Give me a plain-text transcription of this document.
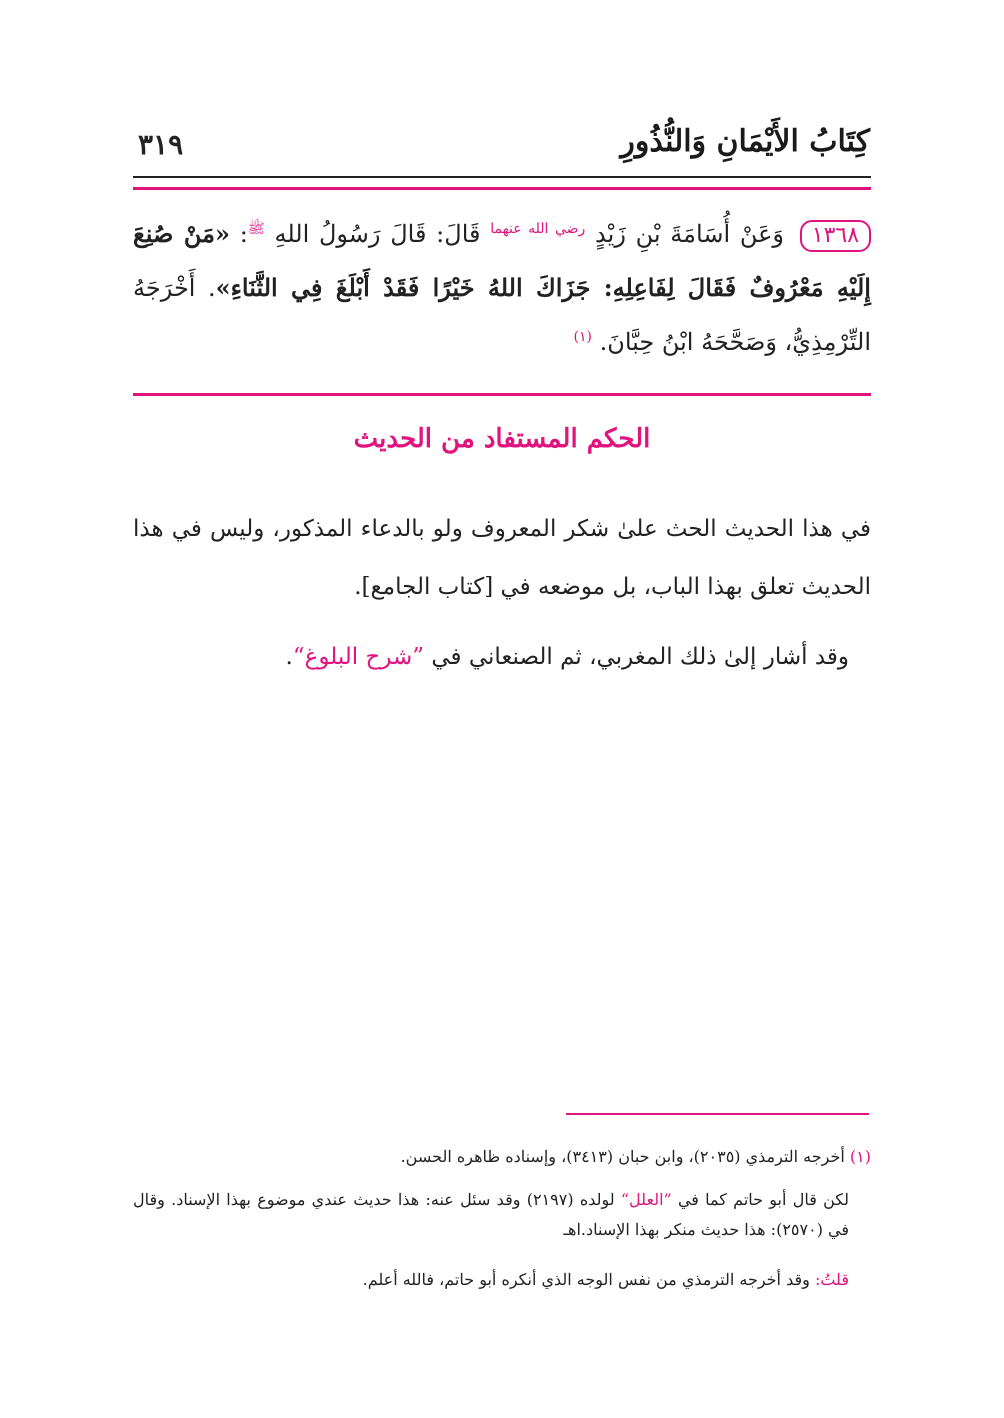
٣١٩	كِتَابُ الأَيْمَانِ وَالنُّذُورِ
١٣٦٨ وَعَنْ أُسَامَةَ بْنِ زَيْدٍ $^{رضي الله عنهما}$ قَالَ: قَالَ رَسُولُ اللهِ $^ﷺ$: «مَنْ صُنِعَ إِلَيْهِ مَعْرُوفٌ فَقَالَ لِفَاعِلِهِ: جَزَاكَ اللهُ خَيْرًا فَقَدْ أَبْلَغَ فِي الثَّنَاءِ». أَخْرَجَهُ التِّرْمِذِيُّ، وَصَحَّحَهُ ابْنُ حِبَّانَ. $^{(١)}$
الحكم المستفاد من الحديث
في هذا الحديث الحث علىٰ شكر المعروف ولو بالدعاء المذكور، وليس في هذا الحديث تعلق بهذا الباب، بل موضعه في [كتاب الجامع].
وقد أشار إلىٰ ذلك المغربي، ثم الصنعاني في ”شرح البلوغ“.
(١) أخرجه الترمذي (٢٠٣٥)، وابن حبان (٣٤١٣)، وإسناده ظاهره الحسن.
لكن قال أبو حاتم كما في ”العلل“ لولده (٢١٩٧) وقد سئل عنه: هذا حديث عندي موضوع بهذا الإسناد. وقال في (٢٥٧٠): هذا حديث منكر بهذا الإسناد.اهـ
قلتُ: وقد أخرجه الترمذي من نفس الوجه الذي أنكره أبو حاتم، فالله أعلم.
